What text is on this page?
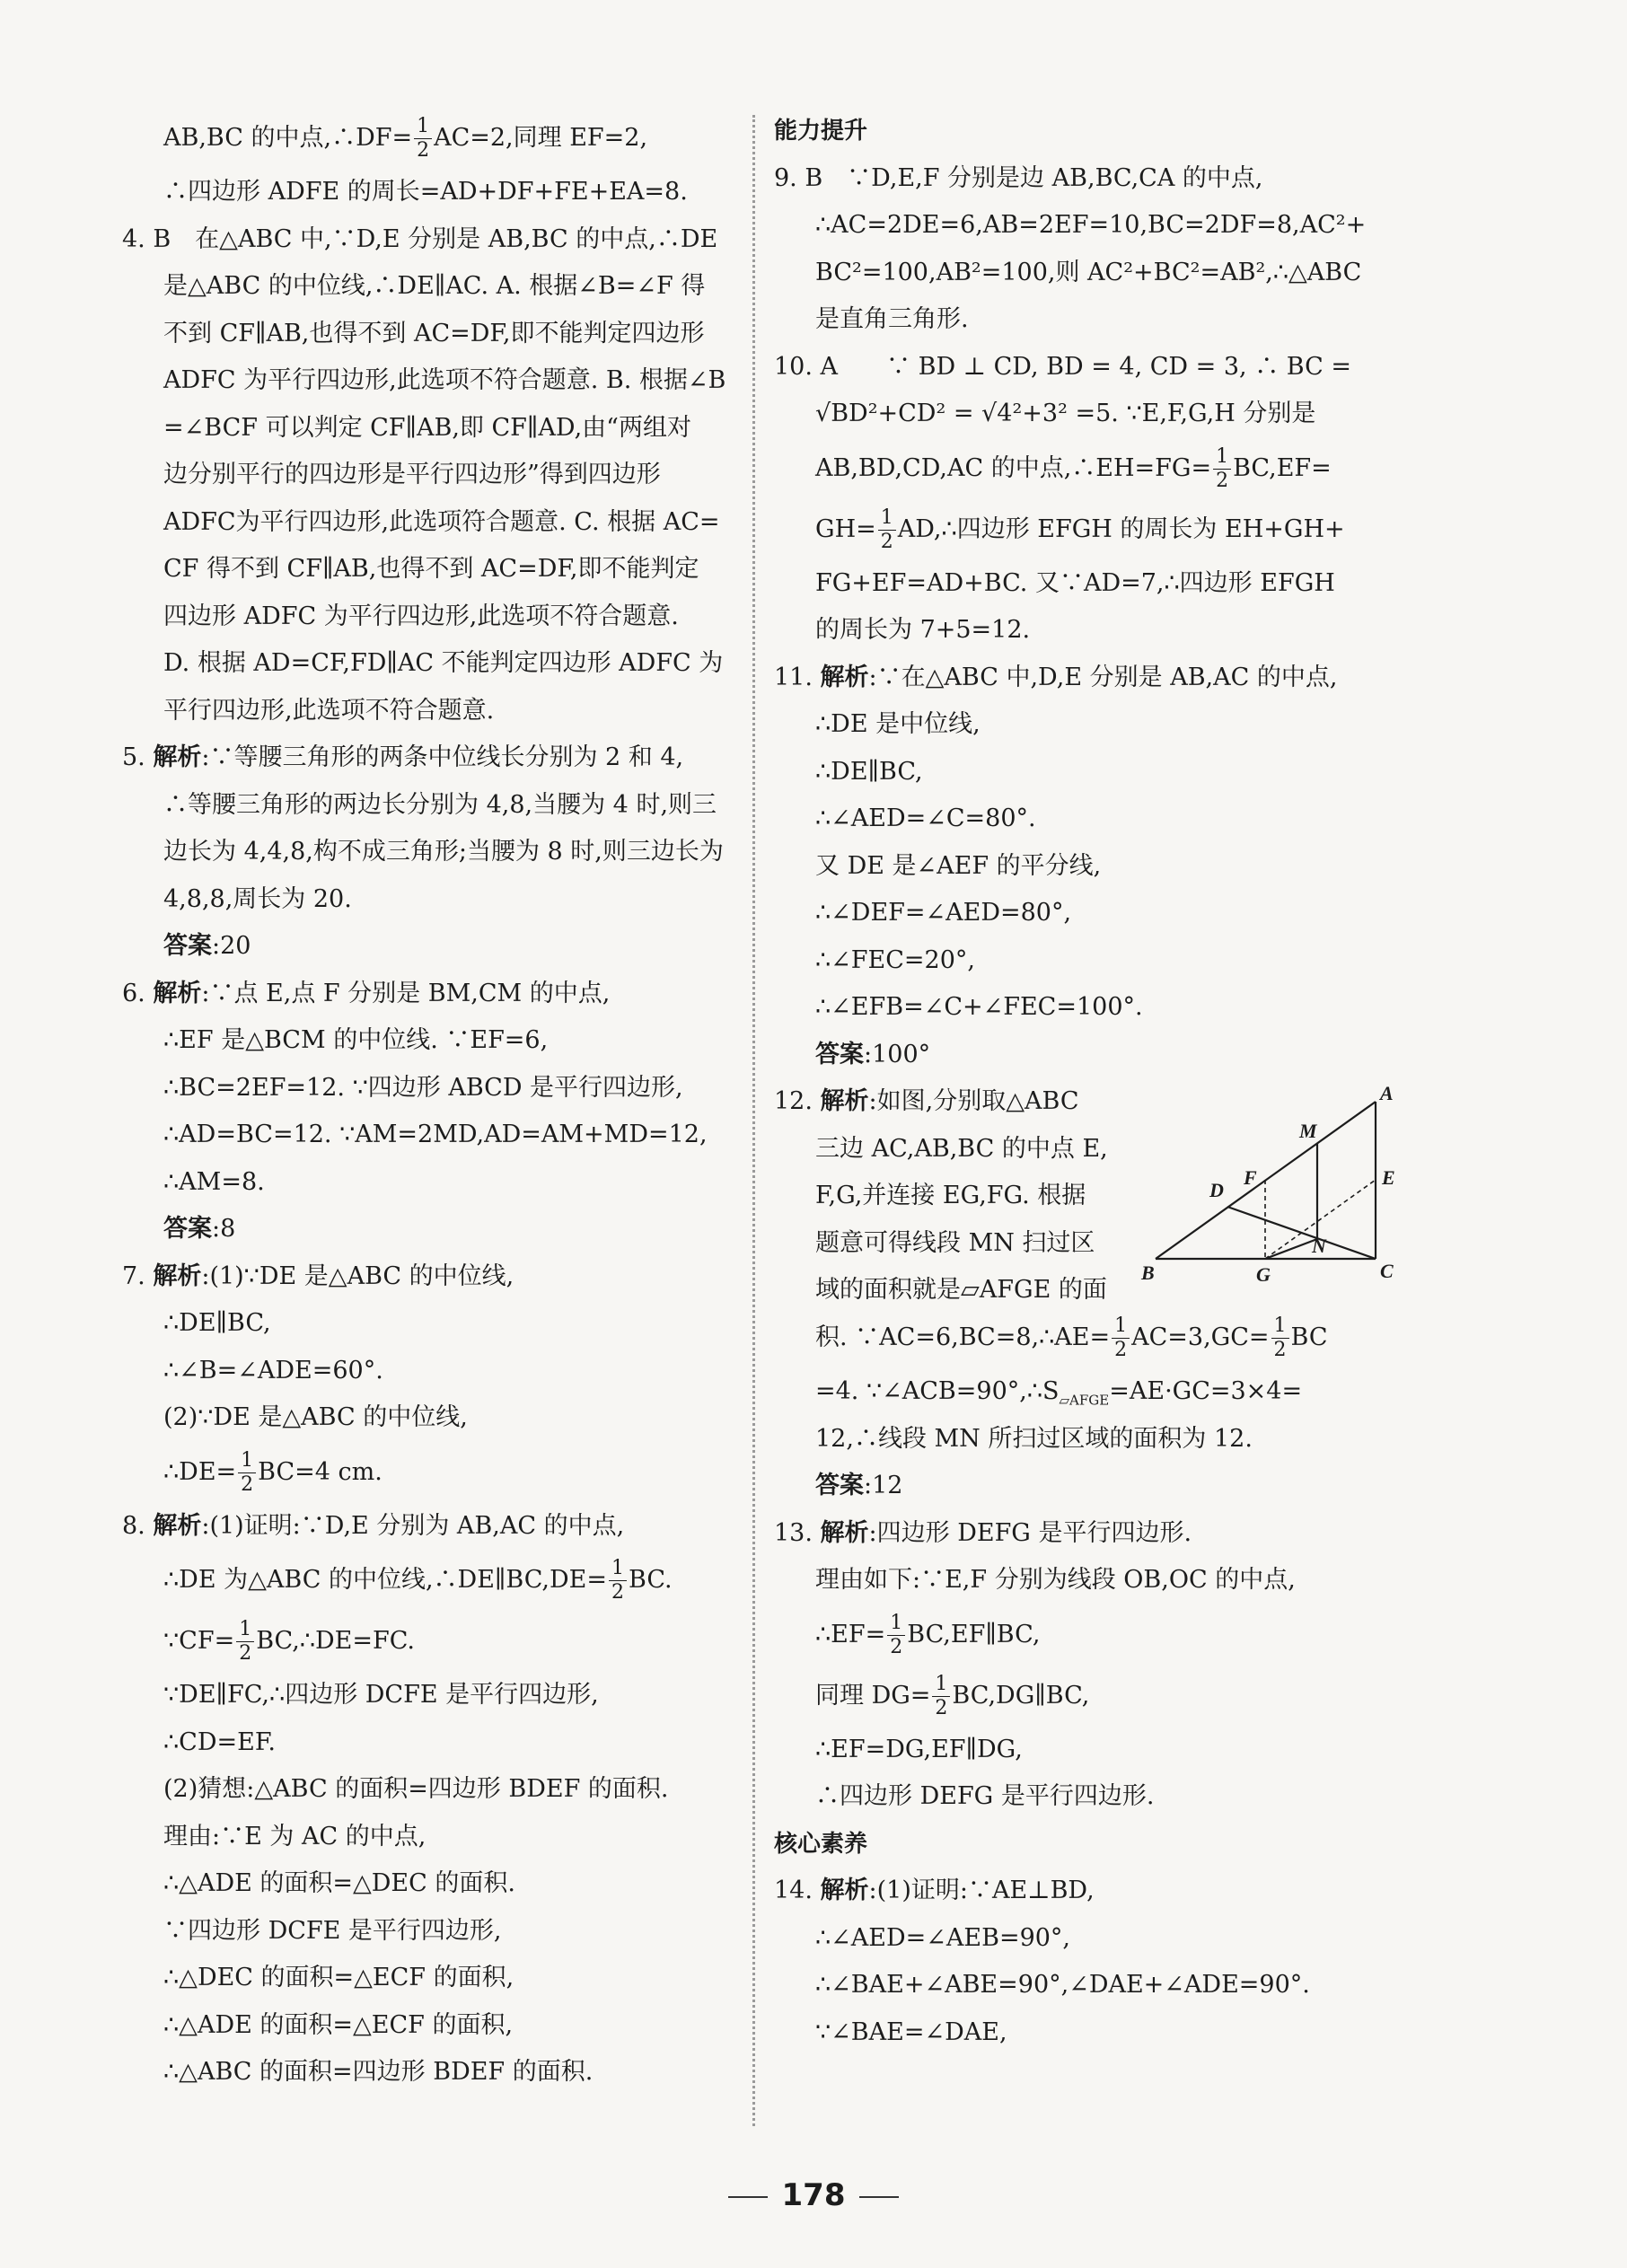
AB,BC 的中点,∴DF= $\frac{1}{2} AC=2$,同理 EF=2,
∴四边形 ADFE 的周长=AD+DF+FE+EA=8.
4. B　在△ABC 中,∵D,E 分别是 AB,BC 的中点,∴DE
是△ABC 的中位线,∴DE∥AC. A. 根据∠B=∠F 得
不到 CF∥AB,也得不到 AC=DF,即不能判定四边形
ADFC 为平行四边形,此选项不符合题意. B. 根据∠B
=∠BCF 可以判定 CF∥AB,即 CF∥AD,由“两组对
边分别平行的四边形是平行四边形”得到四边形
ADFC为平行四边形,此选项符合题意. C. 根据 AC=
CF 得不到 CF∥AB,也得不到 AC=DF,即不能判定
四边形 ADFC 为平行四边形,此选项不符合题意.
D. 根据 AD=CF,FD∥AC 不能判定四边形 ADFC 为
平行四边形,此选项不符合题意.
5. 解析:∵等腰三角形的两条中位线长分别为 2 和 4,
∴等腰三角形的两边长分别为 4,8,当腰为 4 时,则三
边长为 4,4,8,构不成三角形;当腰为 8 时,则三边长为
4,8,8,周长为 20.
答案:20
6. 解析:∵点 E,点 F 分别是 BM,CM 的中点,
∴EF 是△BCM 的中位线. ∵EF=6,
∴BC=2EF=12. ∵四边形 ABCD 是平行四边形,
∴AD=BC=12. ∵AM=2MD,AD=AM+MD=12,
∴AM=8.
答案:8
7. 解析:(1)∵DE 是△ABC 的中位线,
∴DE∥BC,
∴∠B=∠ADE=60°.
(2)∵DE 是△ABC 的中位线,
∴DE= $\frac{1}{2} BC=4$ cm.
8. 解析:(1)证明:∵D,E 分别为 AB,AC 的中点,
∴DE 为△ABC 的中位线,∴DE∥BC,DE= $\frac{1}{2}$ BC.
∵CF= $\frac{1}{2}$ BC,∴DE=FC.
∵DE∥FC,∴四边形 DCFE 是平行四边形,
∴CD=EF.
(2)猜想:△ABC 的面积=四边形 BDEF 的面积.
理由:∵E 为 AC 的中点,
∴△ADE 的面积=△DEC 的面积.
∵四边形 DCFE 是平行四边形,
∴△DEC 的面积=△ECF 的面积,
∴△ADE 的面积=△ECF 的面积,
∴△ABC 的面积=四边形 BDEF 的面积.
能力提升
9. B　∵D,E,F 分别是边 AB,BC,CA 的中点,
∴AC=2DE=6,AB=2EF=10,BC=2DF=8,AC²+
BC²=100,AB²=100,则 AC²+BC²=AB²,∴△ABC
是直角三角形.
10. A　　∵ BD ⊥ CD, BD = 4, CD = 3, ∴ BC =
√BD²+CD² = √4²+3² =5. ∵E,F,G,H 分别是
AB,BD,CD,AC 的中点,∴EH=FG= $\frac{1}{2} BC,EF=$
$GH= \frac{1}{2}$ AD,∴四边形 EFGH 的周长为 EH+GH+
FG+EF=AD+BC. 又∵AD=7,∴四边形 EFGH
的周长为 7+5=12.
11. 解析:∵在△ABC 中,D,E 分别是 AB,AC 的中点,
∴DE 是中位线,
∴DE∥BC,
∴∠AED=∠C=80°.
又 DE 是∠AEF 的平分线,
∴∠DEF=∠AED=80°,
∴∠FEC=20°,
∴∠EFB=∠C+∠FEC=100°.
答案:100°
12. 解析:如图,分别取△ABC
三边 AC,AB,BC 的中点 E,
F,G,并连接 EG,FG. 根据
题意可得线段 MN 扫过区
域的面积就是▱AFGE 的面
B	C
A
E
G
M
N
D
F
积. ∵AC=6,BC=8,∴AE= $\frac{1}{2} AC=3,GC= \frac{1}{2}$ BC
=4. $\because\angle ACB=90^\circ,\therefore S_{▱AFGE}=AE\cdot GC=3\times 4=$
12,∴线段 MN 所扫过区域的面积为 12.
答案:12
13. 解析:四边形 DEFG 是平行四边形.
理由如下:∵E,F 分别为线段 OB,OC 的中点,
∴EF= $\frac{1}{2}$ BC,EF∥BC,
同理 $DG= \frac{1}{2}$ BC,DG∥BC,
∴EF=DG,EF∥DG,
∴四边形 DEFG 是平行四边形.
核心素养
14. 解析:(1)证明:∵AE⊥BD,
∴∠AED=∠AEB=90°,
∴∠BAE+∠ABE=90°,∠DAE+∠ADE=90°.
∵∠BAE=∠DAE,
178
